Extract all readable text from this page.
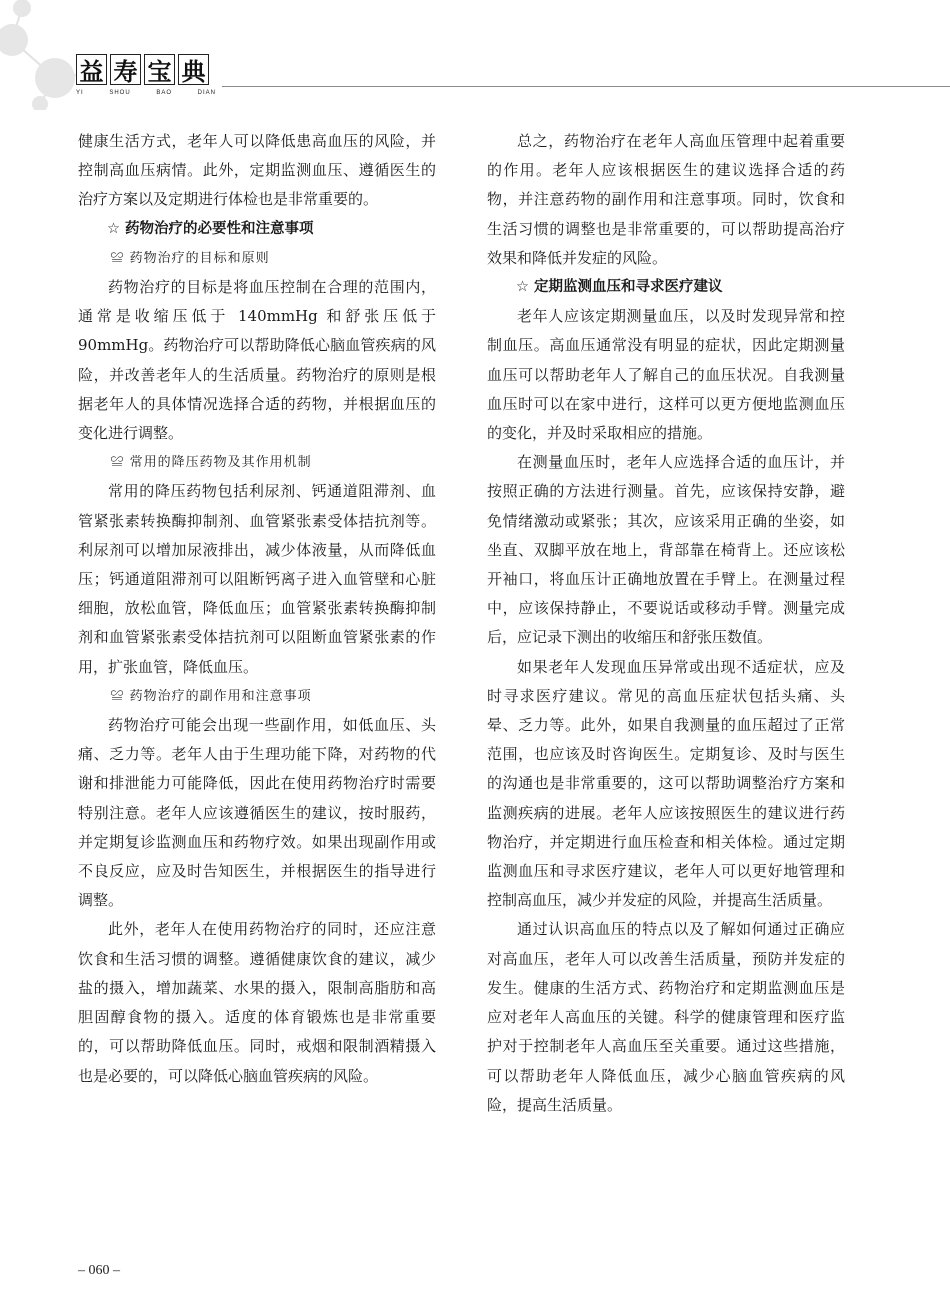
益 寿 宝 典
YI	SHOU	BAO	DIAN

健康生活方式，老年人可以降低患高血压的风险，并控制高血压病情。此外，定期监测血压、遵循医生的治疗方案以及定期进行体检也是非常重要的。

☆ 药物治疗的必要性和注意事项

≌ 药物治疗的目标和原则

药物治疗的目标是将血压控制在合理的范围内，通常是收缩压低于 140mmHg 和舒张压低于 90mmHg。药物治疗可以帮助降低心脑血管疾病的风险，并改善老年人的生活质量。药物治疗的原则是根据老年人的具体情况选择合适的药物，并根据血压的变化进行调整。

≌ 常用的降压药物及其作用机制

常用的降压药物包括利尿剂、钙通道阻滞剂、血管紧张素转换酶抑制剂、血管紧张素受体拮抗剂等。利尿剂可以增加尿液排出，减少体液量，从而降低血压；钙通道阻滞剂可以阻断钙离子进入血管壁和心脏细胞，放松血管，降低血压；血管紧张素转换酶抑制剂和血管紧张素受体拮抗剂可以阻断血管紧张素的作用，扩张血管，降低血压。

≌ 药物治疗的副作用和注意事项

药物治疗可能会出现一些副作用，如低血压、头痛、乏力等。老年人由于生理功能下降，对药物的代谢和排泄能力可能降低，因此在使用药物治疗时需要特别注意。老年人应该遵循医生的建议，按时服药，并定期复诊监测血压和药物疗效。如果出现副作用或不良反应，应及时告知医生，并根据医生的指导进行调整。

此外，老年人在使用药物治疗的同时，还应注意饮食和生活习惯的调整。遵循健康饮食的建议，减少盐的摄入，增加蔬菜、水果的摄入，限制高脂肪和高胆固醇食物的摄入。适度的体育锻炼也是非常重要的，可以帮助降低血压。同时，戒烟和限制酒精摄入也是必要的，可以降低心脑血管疾病的风险。

总之，药物治疗在老年人高血压管理中起着重要的作用。老年人应该根据医生的建议选择合适的药物，并注意药物的副作用和注意事项。同时，饮食和生活习惯的调整也是非常重要的，可以帮助提高治疗效果和降低并发症的风险。

☆ 定期监测血压和寻求医疗建议

老年人应该定期测量血压，以及时发现异常和控制血压。高血压通常没有明显的症状，因此定期测量血压可以帮助老年人了解自己的血压状况。自我测量血压时可以在家中进行，这样可以更方便地监测血压的变化，并及时采取相应的措施。

在测量血压时，老年人应选择合适的血压计，并按照正确的方法进行测量。首先，应该保持安静，避免情绪激动或紧张；其次，应该采用正确的坐姿，如坐直、双脚平放在地上，背部靠在椅背上。还应该松开袖口，将血压计正确地放置在手臂上。在测量过程中，应该保持静止，不要说话或移动手臂。测量完成后，应记录下测出的收缩压和舒张压数值。

如果老年人发现血压异常或出现不适症状，应及时寻求医疗建议。常见的高血压症状包括头痛、头晕、乏力等。此外，如果自我测量的血压超过了正常范围，也应该及时咨询医生。定期复诊、及时与医生的沟通也是非常重要的，这可以帮助调整治疗方案和监测疾病的进展。老年人应该按照医生的建议进行药物治疗，并定期进行血压检查和相关体检。通过定期监测血压和寻求医疗建议，老年人可以更好地管理和控制高血压，减少并发症的风险，并提高生活质量。

通过认识高血压的特点以及了解如何通过正确应对高血压，老年人可以改善生活质量，预防并发症的发生。健康的生活方式、药物治疗和定期监测血压是应对老年人高血压的关键。科学的健康管理和医疗监护对于控制老年人高血压至关重要。通过这些措施，可以帮助老年人降低血压，减少心脑血管疾病的风险，提高生活质量。

– 060 –
